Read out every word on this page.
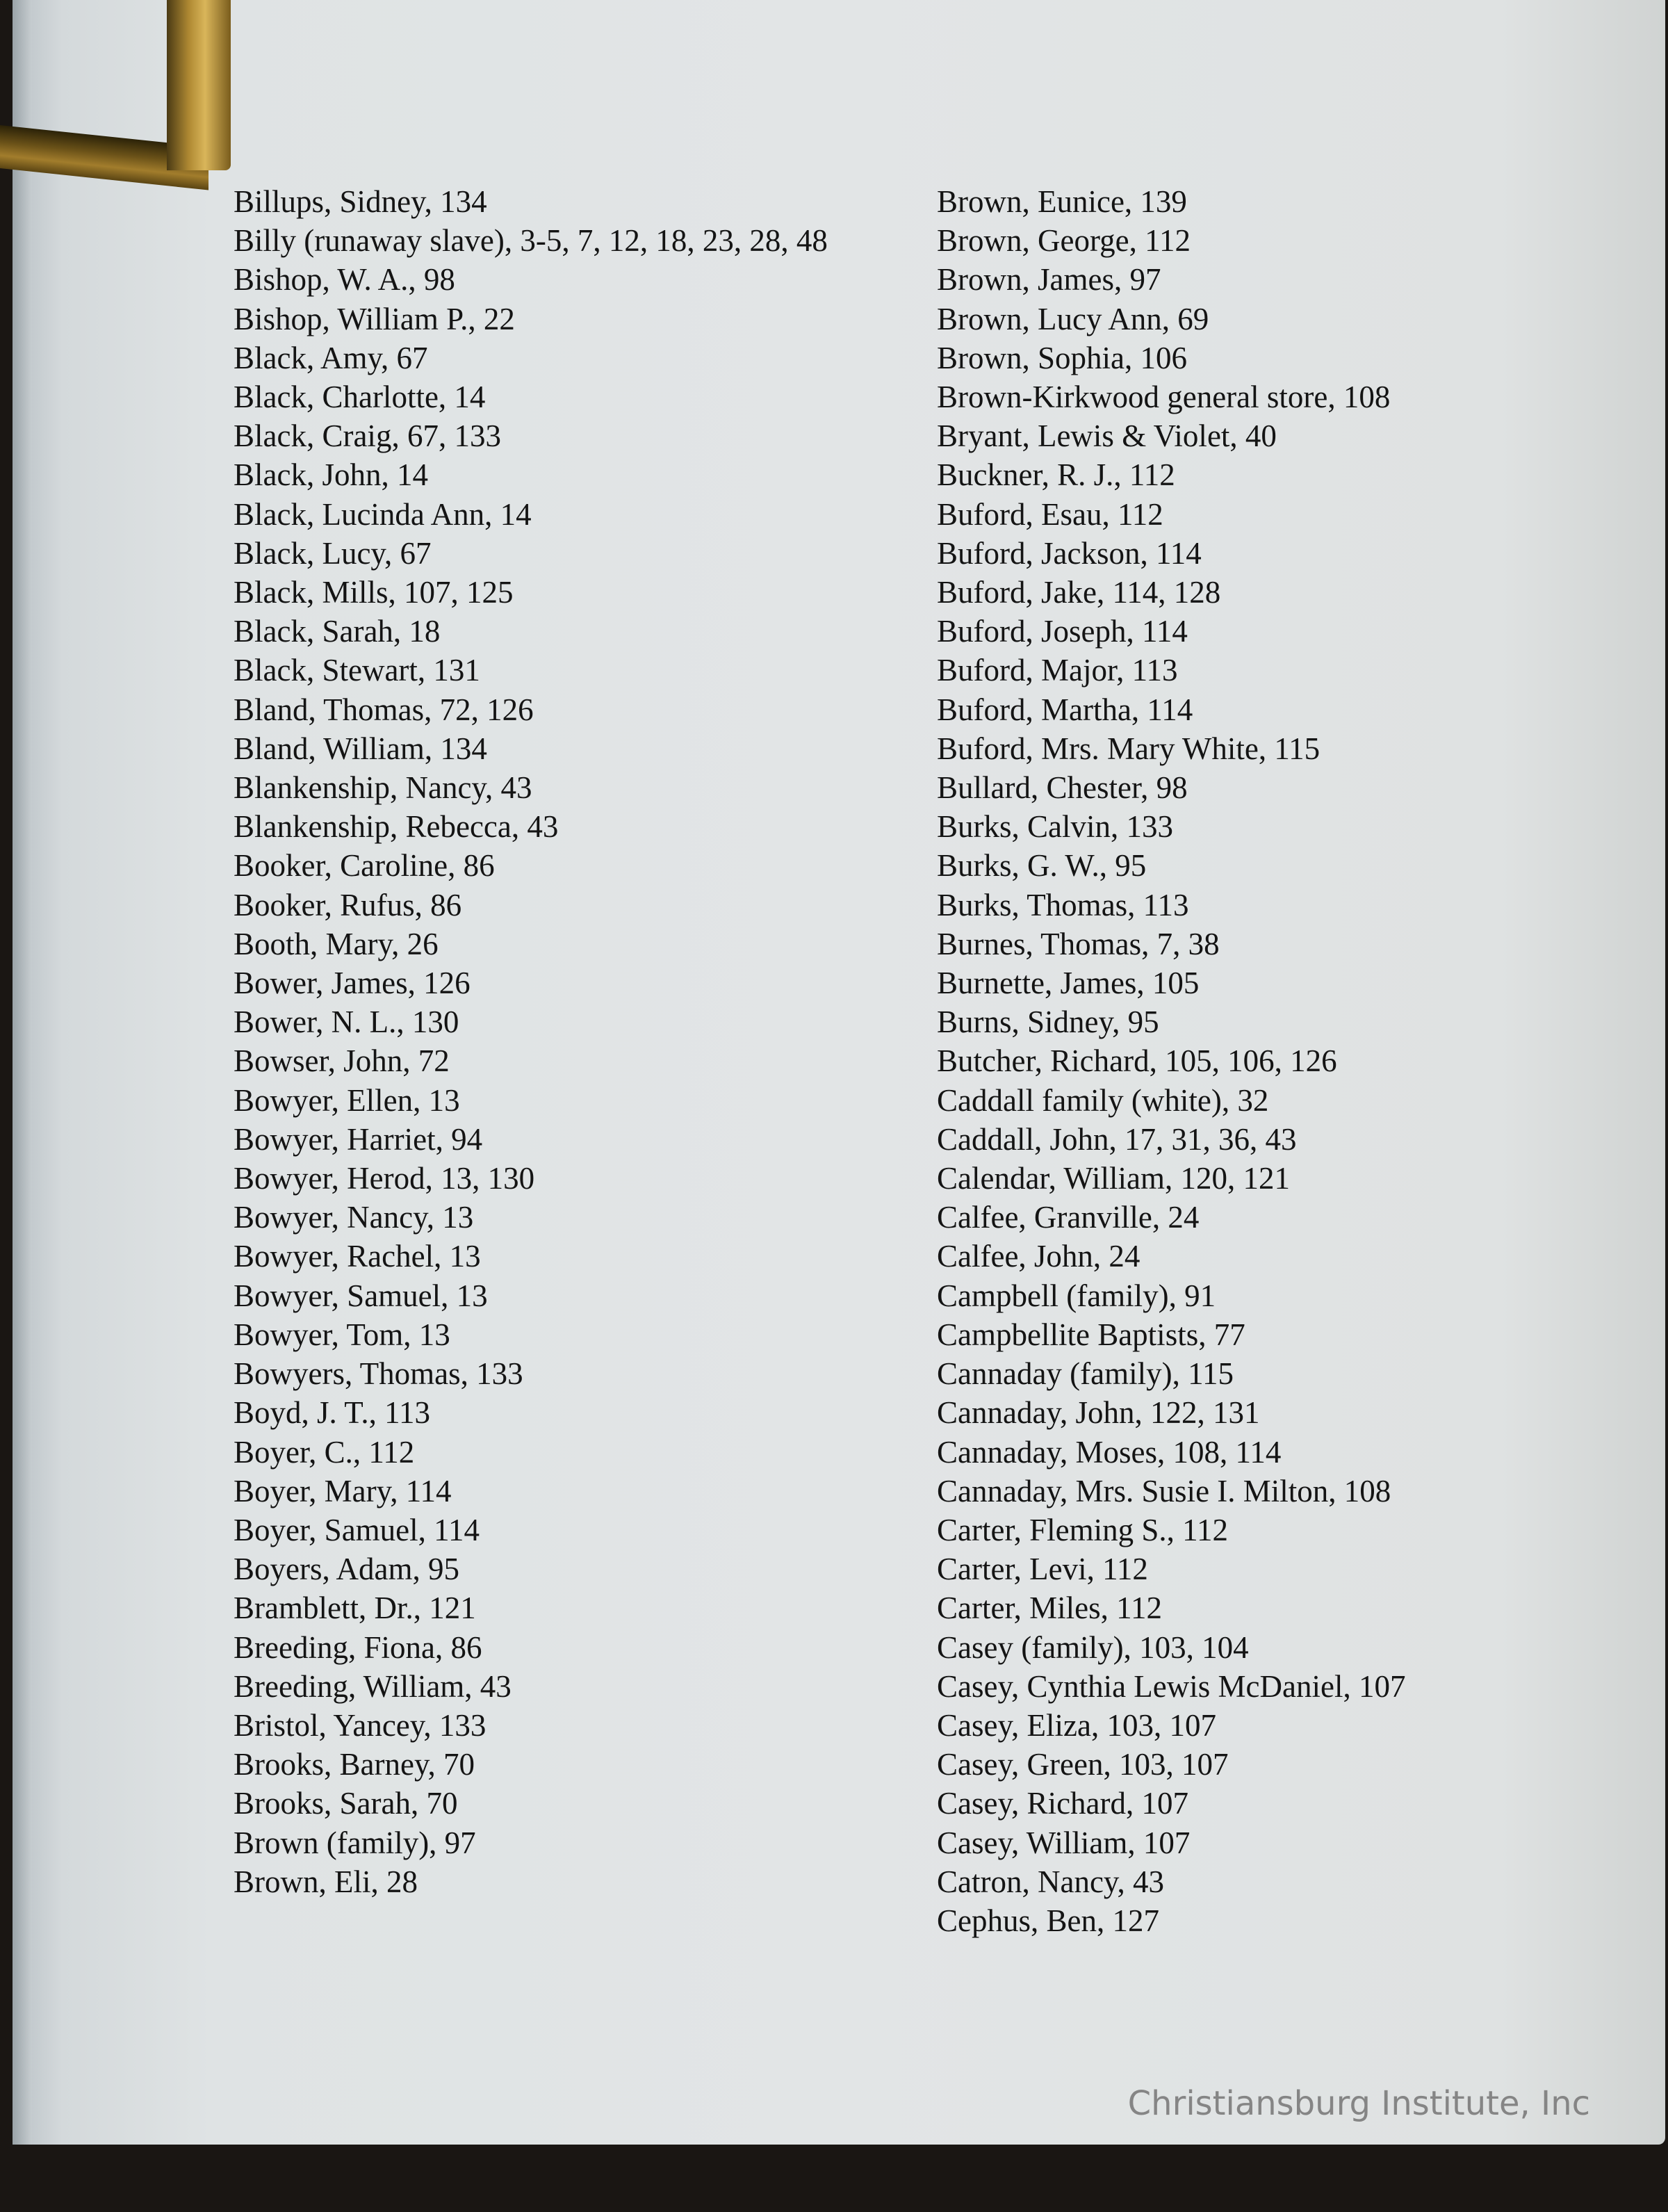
Billups, Sidney, 134
Billy (runaway slave), 3-5, 7, 12, 18, 23, 28, 48
Bishop, W. A., 98
Bishop, William P., 22
Black, Amy, 67
Black, Charlotte, 14
Black, Craig, 67, 133
Black, John, 14
Black, Lucinda Ann, 14
Black, Lucy, 67
Black, Mills, 107, 125
Black, Sarah, 18
Black, Stewart, 131
Bland, Thomas, 72, 126
Bland, William, 134
Blankenship, Nancy, 43
Blankenship, Rebecca, 43
Booker, Caroline, 86
Booker, Rufus, 86
Booth, Mary, 26
Bower, James, 126
Bower, N. L., 130
Bowser, John, 72
Bowyer, Ellen, 13
Bowyer, Harriet, 94
Bowyer, Herod, 13, 130
Bowyer, Nancy, 13
Bowyer, Rachel, 13
Bowyer, Samuel, 13
Bowyer, Tom, 13
Bowyers, Thomas, 133
Boyd, J. T., 113
Boyer, C., 112
Boyer, Mary, 114
Boyer, Samuel, 114
Boyers, Adam, 95
Bramblett, Dr., 121
Breeding, Fiona, 86
Breeding, William, 43
Bristol, Yancey, 133
Brooks, Barney, 70
Brooks, Sarah, 70
Brown (family), 97
Brown, Eli, 28
Brown, Eunice, 139
Brown, George, 112
Brown, James, 97
Brown, Lucy Ann, 69
Brown, Sophia, 106
Brown-Kirkwood general store, 108
Bryant, Lewis & Violet, 40
Buckner, R. J., 112
Buford, Esau, 112
Buford, Jackson, 114
Buford, Jake, 114, 128
Buford, Joseph, 114
Buford, Major, 113
Buford, Martha, 114
Buford, Mrs. Mary White, 115
Bullard, Chester, 98
Burks, Calvin, 133
Burks, G. W., 95
Burks, Thomas, 113
Burnes, Thomas, 7, 38
Burnette, James, 105
Burns, Sidney, 95
Butcher, Richard, 105, 106, 126
Caddall family (white), 32
Caddall, John, 17, 31, 36, 43
Calendar, William, 120, 121
Calfee, Granville, 24
Calfee, John, 24
Campbell (family), 91
Campbellite Baptists, 77
Cannaday (family), 115
Cannaday, John, 122, 131
Cannaday, Moses, 108, 114
Cannaday, Mrs. Susie I. Milton, 108
Carter, Fleming S., 112
Carter, Levi, 112
Carter, Miles, 112
Casey (family), 103, 104
Casey, Cynthia Lewis McDaniel, 107
Casey, Eliza, 103, 107
Casey, Green, 103, 107
Casey, Richard, 107
Casey, William, 107
Catron, Nancy, 43
Cephus, Ben, 127
Christiansburg Institute, Inc
